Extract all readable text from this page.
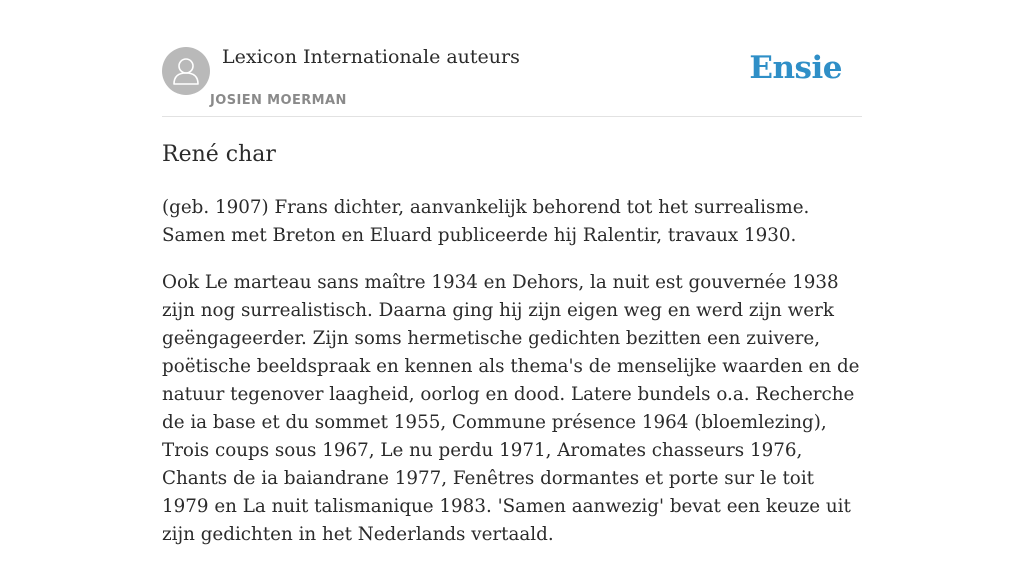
Lexicon Internationale auteurs
JOSIEN MOERMAN
Ensie
René char

(geb. 1907) Frans dichter, aanvankelijk behorend tot het surrealisme. Samen met Breton en Eluard publiceerde hij Ralentir, travaux 1930.

Ook Le marteau sans maître 1934 en Dehors, la nuit est gouvernée 1938 zijn nog surrealistisch. Daarna ging hij zijn eigen weg en werd zijn werk geëngageerder. Zijn soms hermetische gedichten bezitten een zuivere, poëtische beeldspraak en kennen als thema's de menselijke waarden en de natuur tegenover laagheid, oorlog en dood. Latere bundels o.a. Recherche de ia base et du sommet 1955, Commune présence 1964 (bloemlezing), Trois coups sous 1967, Le nu perdu 1971, Aromates chasseurs 1976, Chants de ia baiandrane 1977, Fenêtres dormantes et porte sur le toit 1979 en La nuit talismanique 1983. 'Samen aanwezig' bevat een keuze uit zijn gedichten in het Nederlands vertaald.
